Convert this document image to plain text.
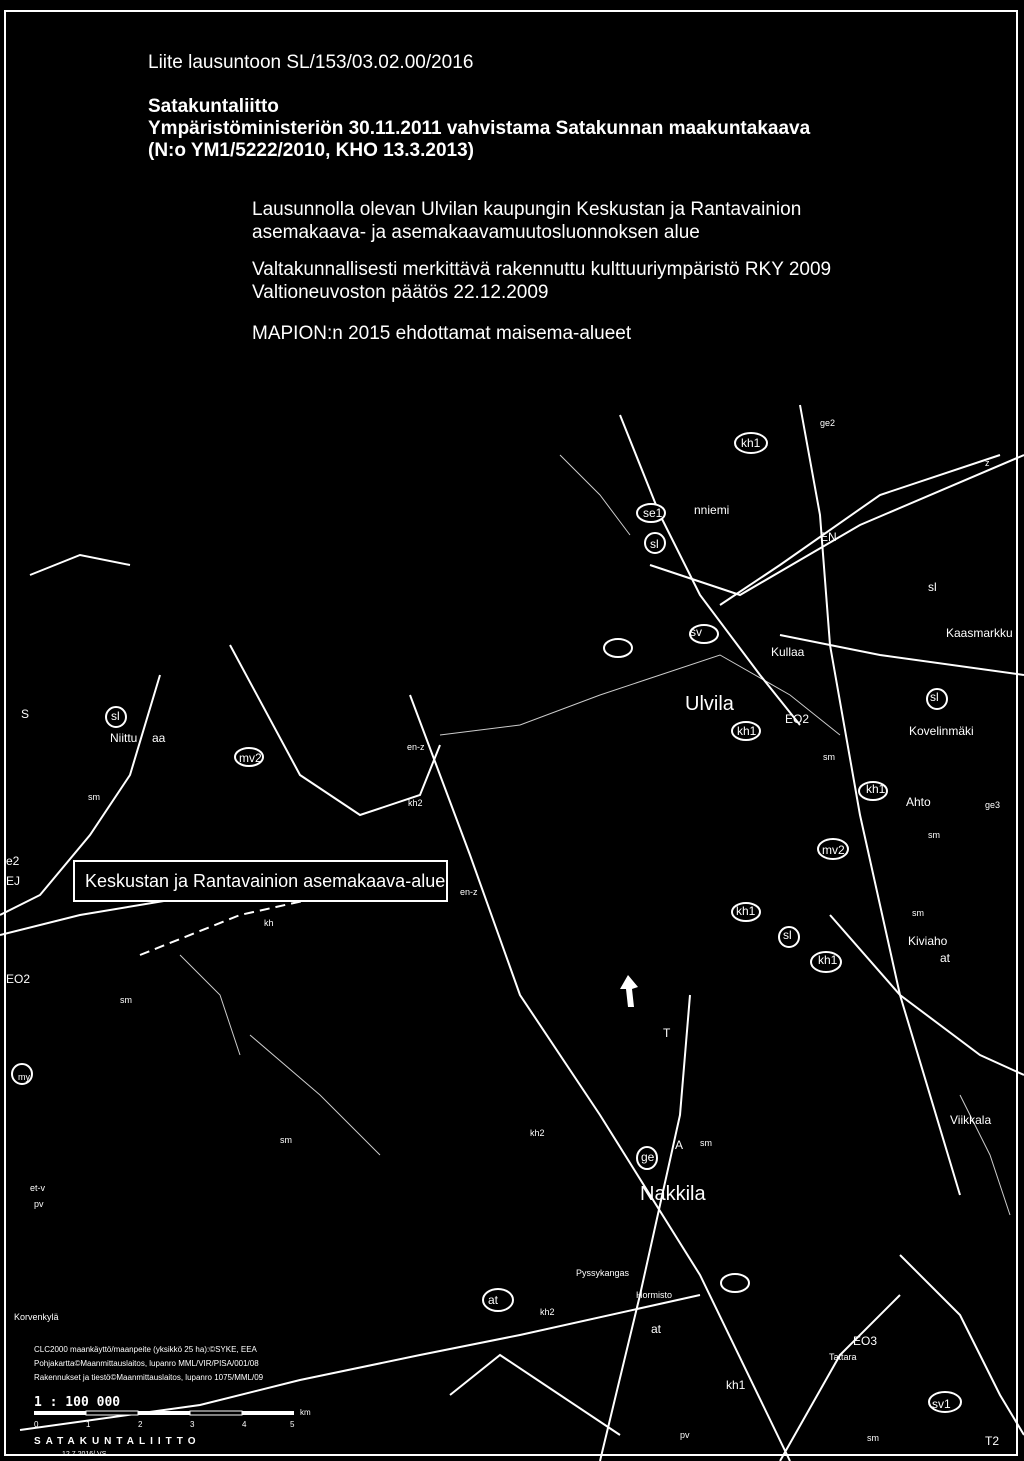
Liite lausuntoon SL/153/03.02.00/2016
Satakuntaliitto
Ympäristöministeriön 30.11.2011 vahvistama Satakunnan maakuntakaava
(N:o YM1/5222/2010, KHO 13.3.2013)
Lausunnolla olevan Ulvilan kaupungin Keskustan ja Rantavainion
asemakaava- ja asemakaavamuutosluonnoksen alue
Valtakunnallisesti merkittävä rakennuttu kulttuuriympäristö RKY 2009
Valtioneuvoston päätös 22.12.2009
MAPION:n 2015 ehdottamat maisema-alueet
kh1
se1	nniemi
sl	EN
ge2
sl
Kaasmarkku
Kullaa
sv
Ulvila
kh1
EO2
sl
Kovelinmäki
kh1
Ahto	ge3
mv2
kh1
sl
kh1
Kiviaho
at
Viikkala
T
A
ge
Nakkila
Pyssykangas
Hormisto
at
at
kh2
EO3
Tattara
kh1
sv1
T2
pv
kh2
kh2
en-z
en-z
kh
mv2
sl
Niittu aa
S
e2
EJ
EO2
my
et-v
pv
Korvenkylä
sm
sm
sm
sm
sm
sm
sm
sm
z
Keskustan ja Rantavainion asemakaava-alue
CLC2000 maankäyttö/maanpeite (yksikkö 25 ha):©SYKE, EEA
Pohjakartta©Maanmittauslaitos, lupanro MML/VIR/PISA/001/08
Rakennukset ja tiestö©Maanmittauslaitos, lupanro 1075/MML/09
1 : 100 000
0	1	2	3	4	5
km
SATAKUNTALIITTO
12.7.2016/ VS
